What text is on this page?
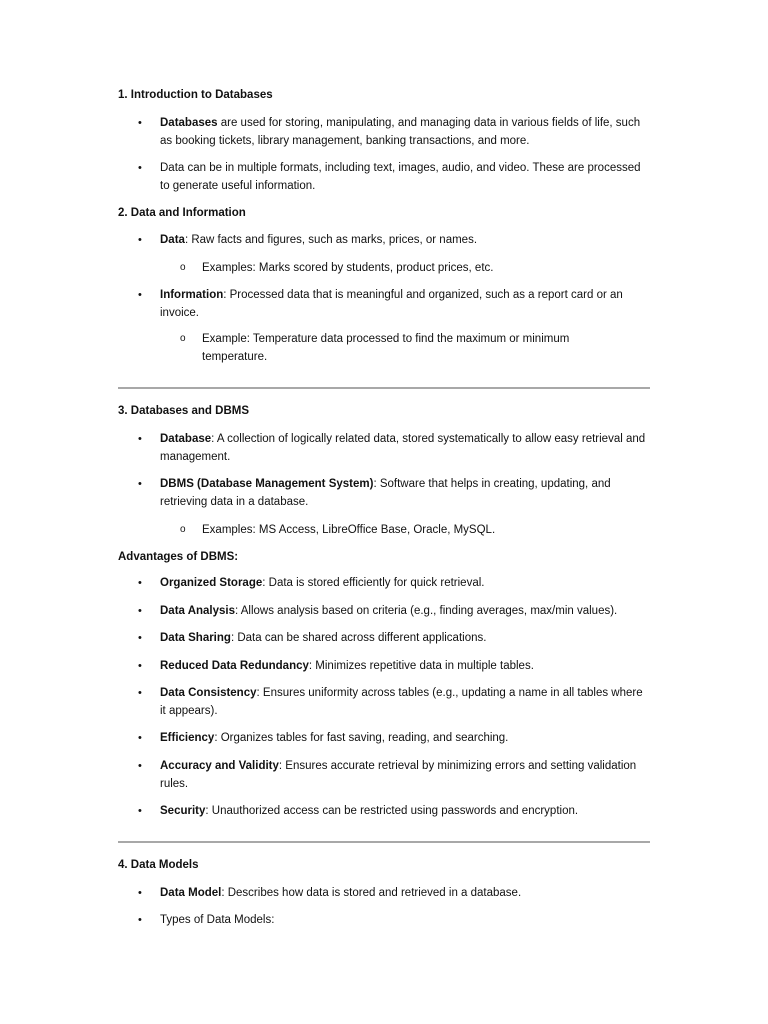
1. Introduction to Databases

• Databases are used for storing, manipulating, and managing data in various fields of life, such as booking tickets, library management, banking transactions, and more.
• Data can be in multiple formats, including text, images, audio, and video. These are processed to generate useful information.

2. Data and Information

• Data: Raw facts and figures, such as marks, prices, or names.
o Examples: Marks scored by students, product prices, etc.
• Information: Processed data that is meaningful and organized, such as a report card or an invoice.
o Example: Temperature data processed to find the maximum or minimum temperature.

3. Databases and DBMS

• Database: A collection of logically related data, stored systematically to allow easy retrieval and management.
• DBMS (Database Management System): Software that helps in creating, updating, and retrieving data in a database.
o Examples: MS Access, LibreOffice Base, Oracle, MySQL.

Advantages of DBMS:

• Organized Storage: Data is stored efficiently for quick retrieval.
• Data Analysis: Allows analysis based on criteria (e.g., finding averages, max/min values).
• Data Sharing: Data can be shared across different applications.
• Reduced Data Redundancy: Minimizes repetitive data in multiple tables.
• Data Consistency: Ensures uniformity across tables (e.g., updating a name in all tables where it appears).
• Efficiency: Organizes tables for fast saving, reading, and searching.
• Accuracy and Validity: Ensures accurate retrieval by minimizing errors and setting validation rules.
• Security: Unauthorized access can be restricted using passwords and encryption.

4. Data Models

• Data Model: Describes how data is stored and retrieved in a database.
• Types of Data Models:
